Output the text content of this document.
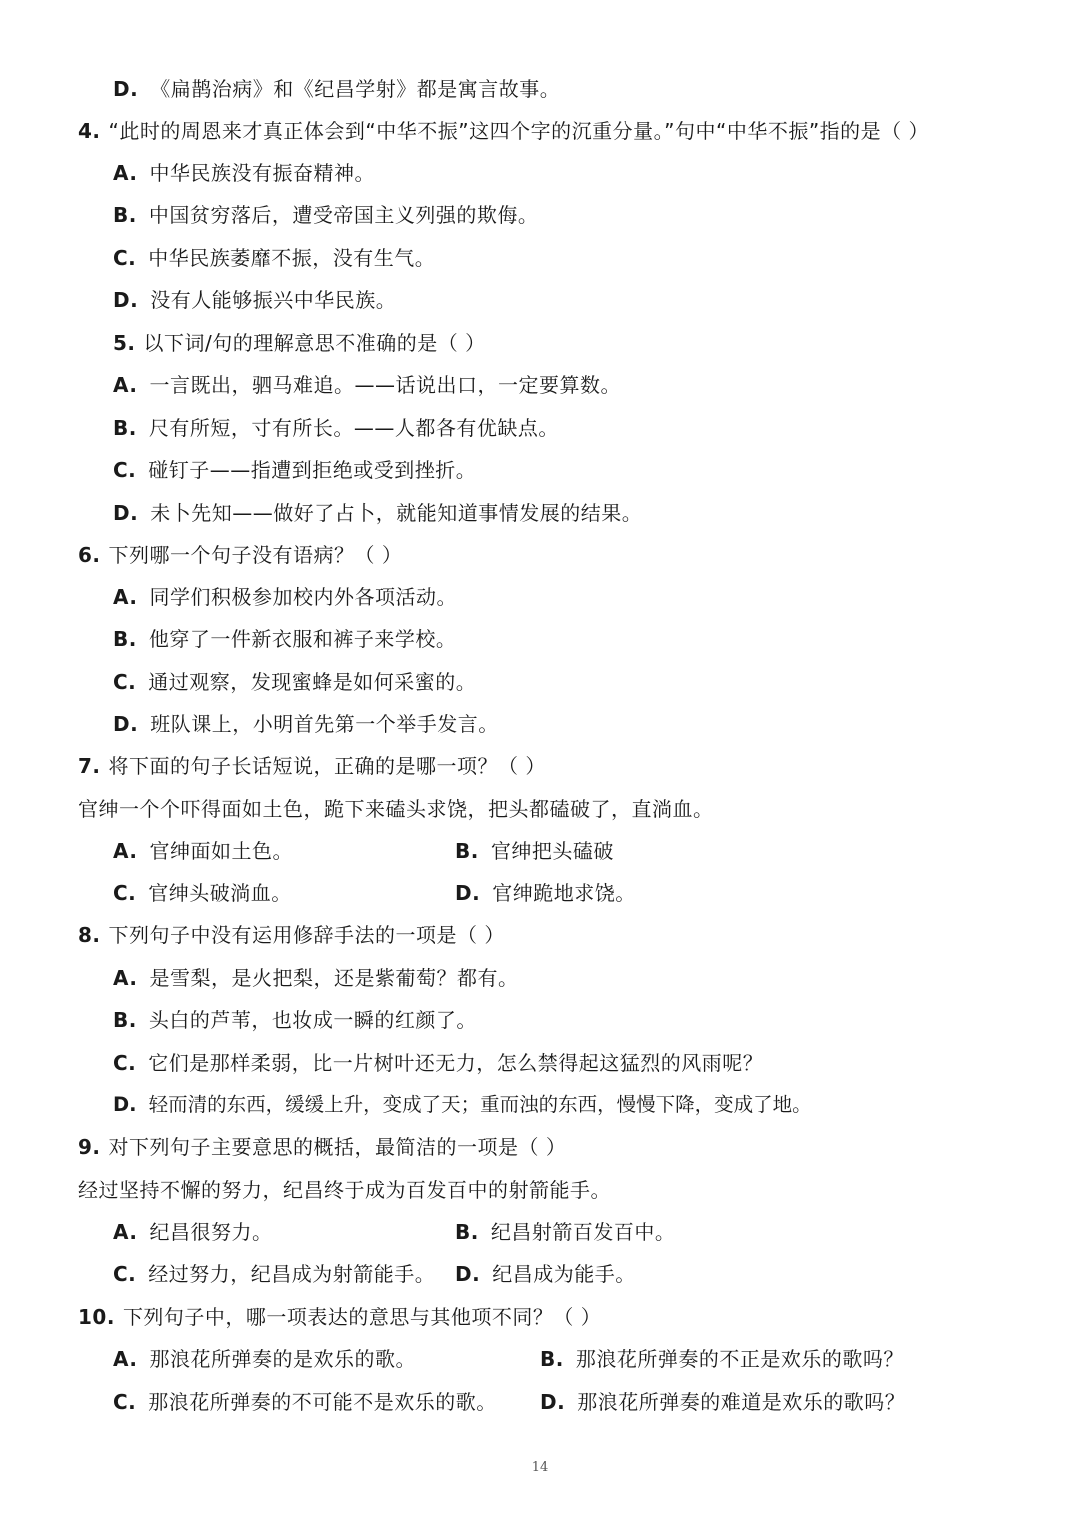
D. 《扁鹊治病》和《纪昌学射》都是寓言故事。
4. “此时的周恩来才真正体会到“中华不振”这四个字的沉重分量。”句中“中华不振”指的是（ ）
A. 中华民族没有振奋精神。
B. 中国贫穷落后，遭受帝国主义列强的欺侮。
C. 中华民族萎靡不振，没有生气。
D. 没有人能够振兴中华民族。
5. 以下词/句的理解意思不准确的是（ ）
A. 一言既出，驷马难追。——话说出口，一定要算数。
B. 尺有所短，寸有所长。——人都各有优缺点。
C. 碰钉子——指遭到拒绝或受到挫折。
D. 未卜先知——做好了占卜，就能知道事情发展的结果。
6. 下列哪一个句子没有语病？（ ）
A. 同学们积极参加校内外各项活动。
B. 他穿了一件新衣服和裤子来学校。
C. 通过观察，发现蜜蜂是如何采蜜的。
D. 班队课上，小明首先第一个举手发言。
7. 将下面的句子长话短说，正确的是哪一项？（ ）
官绅一个个吓得面如土色，跪下来磕头求饶，把头都磕破了，直淌血。
A. 官绅面如土色。	B. 官绅把头磕破
C. 官绅头破淌血。	D. 官绅跪地求饶。
8. 下列句子中没有运用修辞手法的一项是（ ）
A. 是雪梨，是火把梨，还是紫葡萄？都有。
B. 头白的芦苇，也妆成一瞬的红颜了。
C. 它们是那样柔弱，比一片树叶还无力，怎么禁得起这猛烈的风雨呢？
D. 轻而清的东西，缓缓上升，变成了天；重而浊的东西，慢慢下降，变成了地。
9. 对下列句子主要意思的概括，最简洁的一项是（ ）
经过坚持不懈的努力，纪昌终于成为百发百中的射箭能手。
A. 纪昌很努力。	B. 纪昌射箭百发百中。
C. 经过努力，纪昌成为射箭能手。 D. 纪昌成为能手。
10. 下列句子中，哪一项表达的意思与其他项不同？（ ）
A. 那浪花所弹奏的是欢乐的歌。	B. 那浪花所弹奏的不正是欢乐的歌吗？
C. 那浪花所弹奏的不可能不是欢乐的歌。 D. 那浪花所弹奏的难道是欢乐的歌吗？
14
